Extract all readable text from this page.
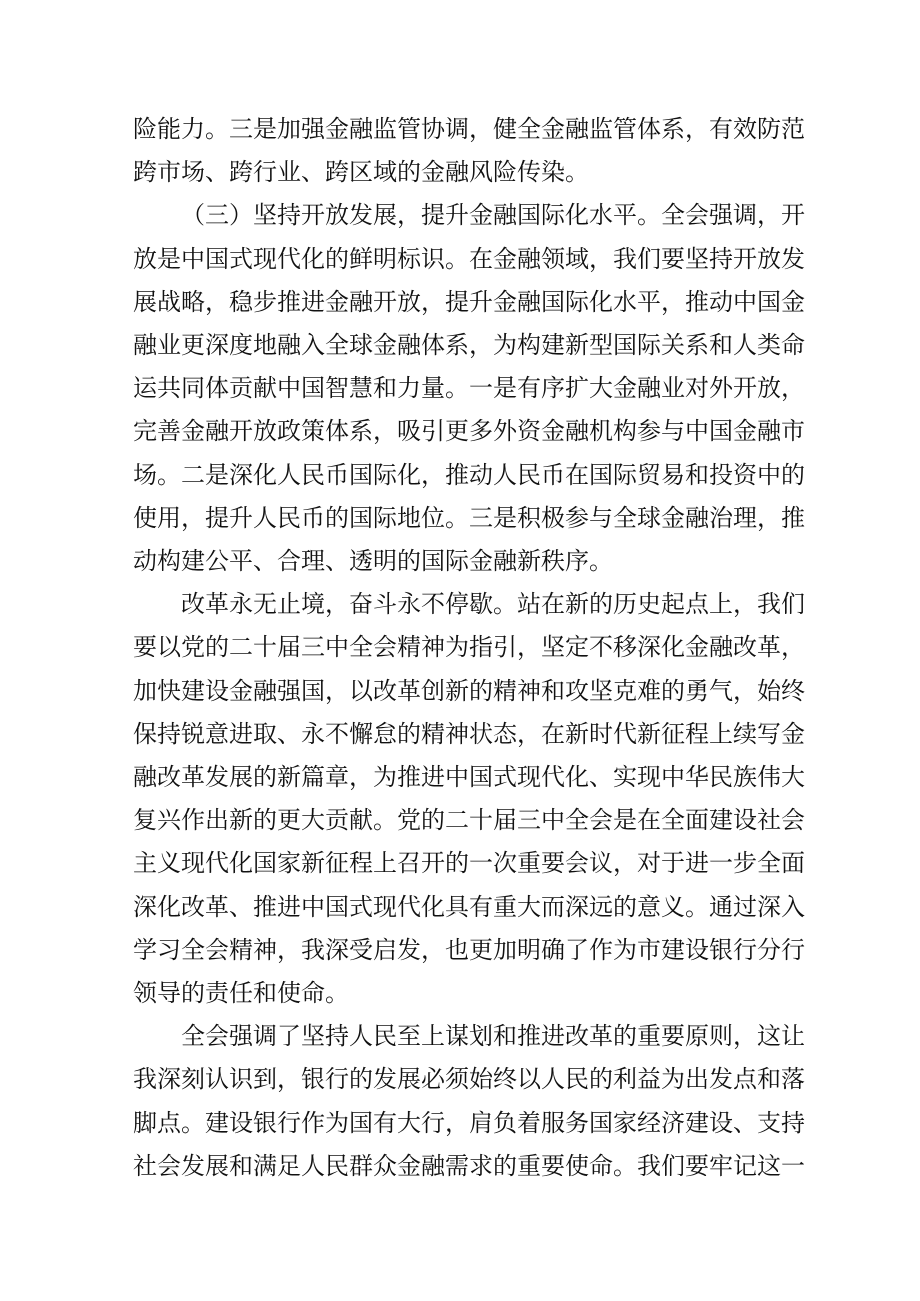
险能力。三是加强金融监管协调，健全金融监管体系，有效防范
跨市场、跨行业、跨区域的金融风险传染。

（三）坚持开放发展，提升金融国际化水平。全会强调，开
放是中国式现代化的鲜明标识。在金融领域，我们要坚持开放发
展战略，稳步推进金融开放，提升金融国际化水平，推动中国金
融业更深度地融入全球金融体系，为构建新型国际关系和人类命
运共同体贡献中国智慧和力量。一是有序扩大金融业对外开放，
完善金融开放政策体系，吸引更多外资金融机构参与中国金融市
场。二是深化人民币国际化，推动人民币在国际贸易和投资中的
使用，提升人民币的国际地位。三是积极参与全球金融治理，推
动构建公平、合理、透明的国际金融新秩序。

改革永无止境，奋斗永不停歇。站在新的历史起点上，我们
要以党的二十届三中全会精神为指引，坚定不移深化金融改革，
加快建设金融强国，以改革创新的精神和攻坚克难的勇气，始终
保持锐意进取、永不懈怠的精神状态，在新时代新征程上续写金
融改革发展的新篇章，为推进中国式现代化、实现中华民族伟大
复兴作出新的更大贡献。党的二十届三中全会是在全面建设社会
主义现代化国家新征程上召开的一次重要会议，对于进一步全面
深化改革、推进中国式现代化具有重大而深远的意义。通过深入
学习全会精神，我深受启发，也更加明确了作为市建设银行分行
领导的责任和使命。

全会强调了坚持人民至上谋划和推进改革的重要原则，这让
我深刻认识到，银行的发展必须始终以人民的利益为出发点和落
脚点。建设银行作为国有大行，肩负着服务国家经济建设、支持
社会发展和满足人民群众金融需求的重要使命。我们要牢记这一
